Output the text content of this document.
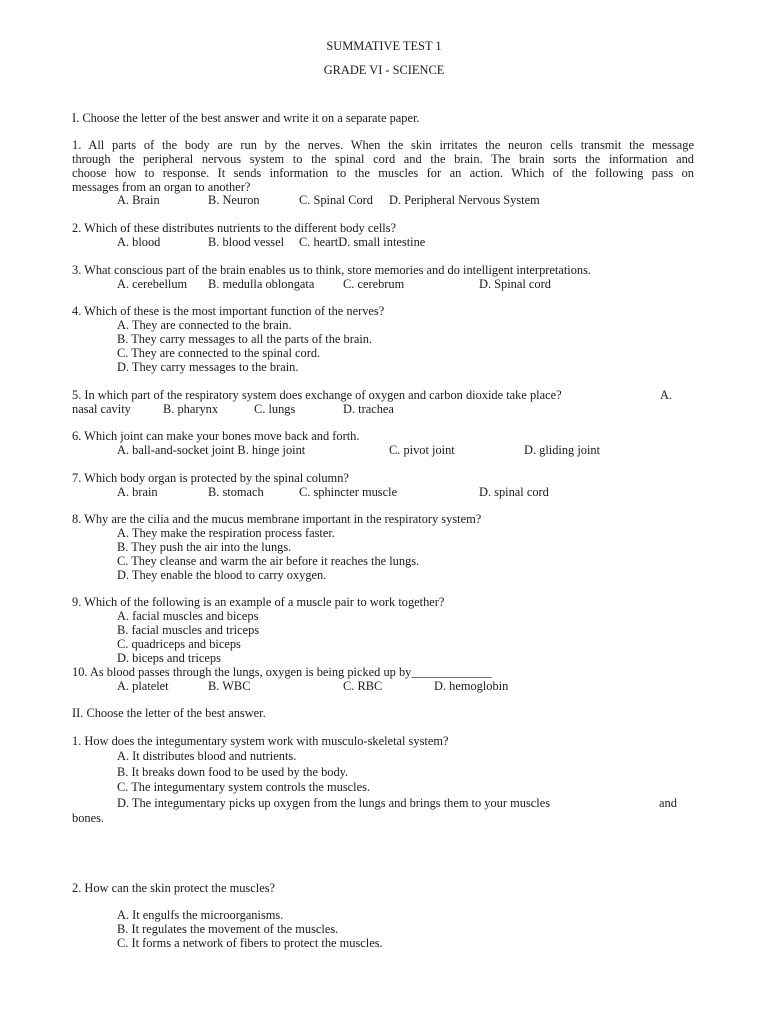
SUMMATIVE TEST 1
GRADE VI - SCIENCE
I. Choose the letter of the best answer and write it on a separate paper.
1. All parts of the body are run by the nerves. When the skin irritates the neuron cells transmit the message
through the peripheral nervous system to the spinal cord and the brain. The brain sorts the information and
choose how to response. It sends information to the muscles for an action. Which of the following pass on
messages from an organ to another?
A. Brain	B. Neuron	C. Spinal Cord D. Peripheral Nervous System
2. Which of these distributes nutrients to the different body cells?
A. blood	B. blood vessel C. heartD. small intestine
3. What conscious part of the brain enables us to think, store memories and do intelligent interpretations.
A. cerebellum B. medulla oblongata C. cerebrum	D. Spinal cord
4. Which of these is the most important function of the nerves?
A. They are connected to the brain.
B. They carry messages to all the parts of the brain.
C. They are connected to the spinal cord.
D. They carry messages to the brain.
5. In which part of the respiratory system does exchange of oxygen and carbon dioxide take place?	A.
nasal cavity	B. pharynx	C. lungs	D. trachea
6. Which joint can make your bones move back and forth.
A. ball-and-socket joint B. hinge joint	C. pivot joint	D. gliding joint
7. Which body organ is protected by the spinal column?
A. brain	B. stomach	C. sphincter muscle	D. spinal cord
8. Why are the cilia and the mucus membrane important in the respiratory system?
A. They make the respiration process faster.
B. They push the air into the lungs.
C. They cleanse and warm the air before it reaches the lungs.
D. They enable the blood to carry oxygen.
9. Which of the following is an example of a muscle pair to work together?
A. facial muscles and biceps
B. facial muscles and triceps
C. quadriceps and biceps
D. biceps and triceps
10. As blood passes through the lungs, oxygen is being picked up by_____________
A. platelet	B. WBC	C. RBC	D. hemoglobin
II. Choose the letter of the best answer.
1. How does the integumentary system work with musculo-skeletal system?
A. It distributes blood and nutrients.
B. It breaks down food to be used by the body.
C. The integumentary system controls the muscles.
D. The integumentary picks up oxygen from the lungs and brings them to your muscles	and
bones.
2. How can the skin protect the muscles?
A. It engulfs the microorganisms.
B. It regulates the movement of the muscles.
C. It forms a network of fibers to protect the muscles.
